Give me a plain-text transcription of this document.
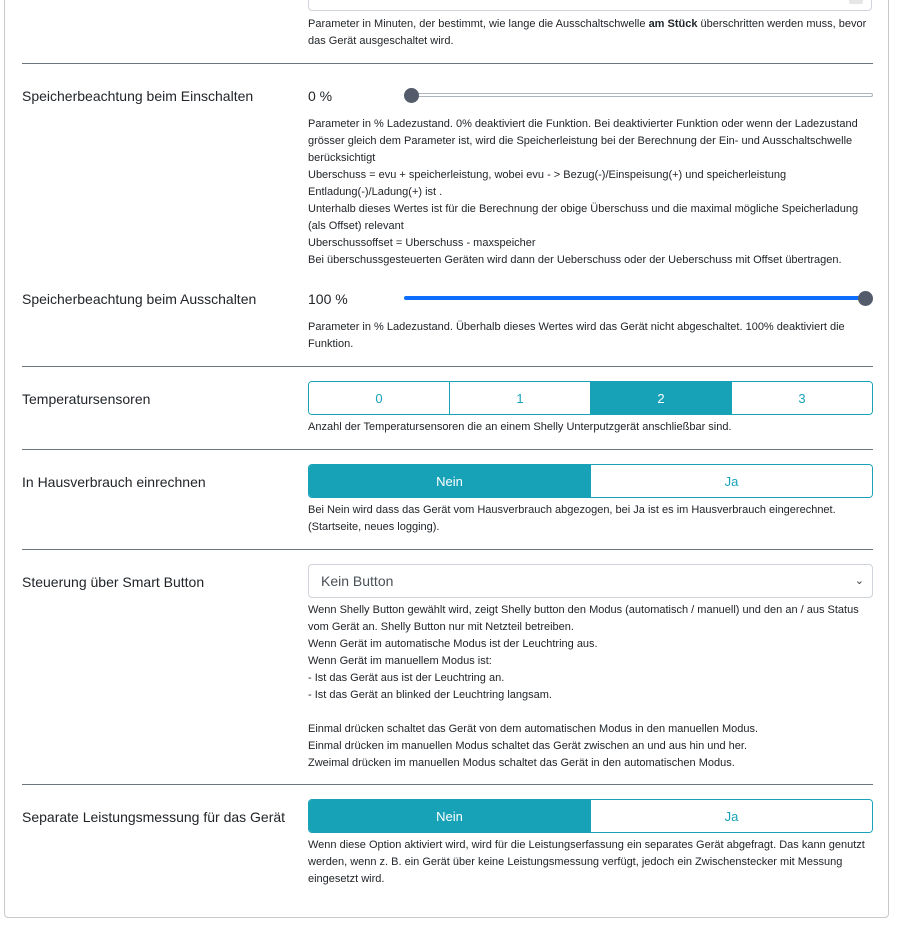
Parameter in Minuten, der bestimmt, wie lange die Ausschaltschwelle am Stück überschritten werden muss, bevor das Gerät ausgeschaltet wird.
Speicherbeachtung beim Einschalten	0 %
Parameter in % Ladezustand. 0% deaktiviert die Funktion. Bei deaktivierter Funktion oder wenn der Ladezustand grösser gleich dem Parameter ist, wird die Speicherleistung bei der Berechnung der Ein- und Ausschaltschwelle berücksichtigt
Uberschuss = evu + speicherleistung, wobei evu - > Bezug(-)/Einspeisung(+) und speicherleistung Entladung(-)/Ladung(+) ist .
Unterhalb dieses Wertes ist für die Berechnung der obige Überschuss und die maximal mögliche Speicherladung (als Offset) relevant
Uberschussoffset = Uberschuss - maxspeicher
Bei überschussgesteuerten Geräten wird dann der Ueberschuss oder der Ueberschuss mit Offset übertragen.
Speicherbeachtung beim Ausschalten	100 %
Parameter in % Ladezustand. Überhalb dieses Wertes wird das Gerät nicht abgeschaltet. 100% deaktiviert die Funktion.
Temperatursensoren	0	1	2	3
Anzahl der Temperatursensoren die an einem Shelly Unterputzgerät anschließbar sind.
In Hausverbrauch einrechnen	Nein	Ja
Bei Nein wird dass das Gerät vom Hausverbrauch abgezogen, bei Ja ist es im Hausverbrauch eingerechnet. (Startseite, neues logging).
Steuerung über Smart Button	Kein Button	⌄
Wenn Shelly Button gewählt wird, zeigt Shelly button den Modus (automatisch / manuell) und den an / aus Status vom Gerät an. Shelly Button nur mit Netzteil betreiben.
Wenn Gerät im automatische Modus ist der Leuchtring aus.
Wenn Gerät im manuellem Modus ist:
- Ist das Gerät aus ist der Leuchtring an.
- Ist das Gerät an blinked der Leuchtring langsam.

Einmal drücken schaltet das Gerät von dem automatischen Modus in den manuellen Modus.
Einmal drücken im manuellen Modus schaltet das Gerät zwischen an und aus hin und her.
Zweimal drücken im manuellen Modus schaltet das Gerät in den automatischen Modus.
Separate Leistungsmessung für das Gerät	Nein	Ja
Wenn diese Option aktiviert wird, wird für die Leistungserfassung ein separates Gerät abgefragt. Das kann genutzt werden, wenn z. B. ein Gerät über keine Leistungsmessung verfügt, jedoch ein Zwischenstecker mit Messung eingesetzt wird.
